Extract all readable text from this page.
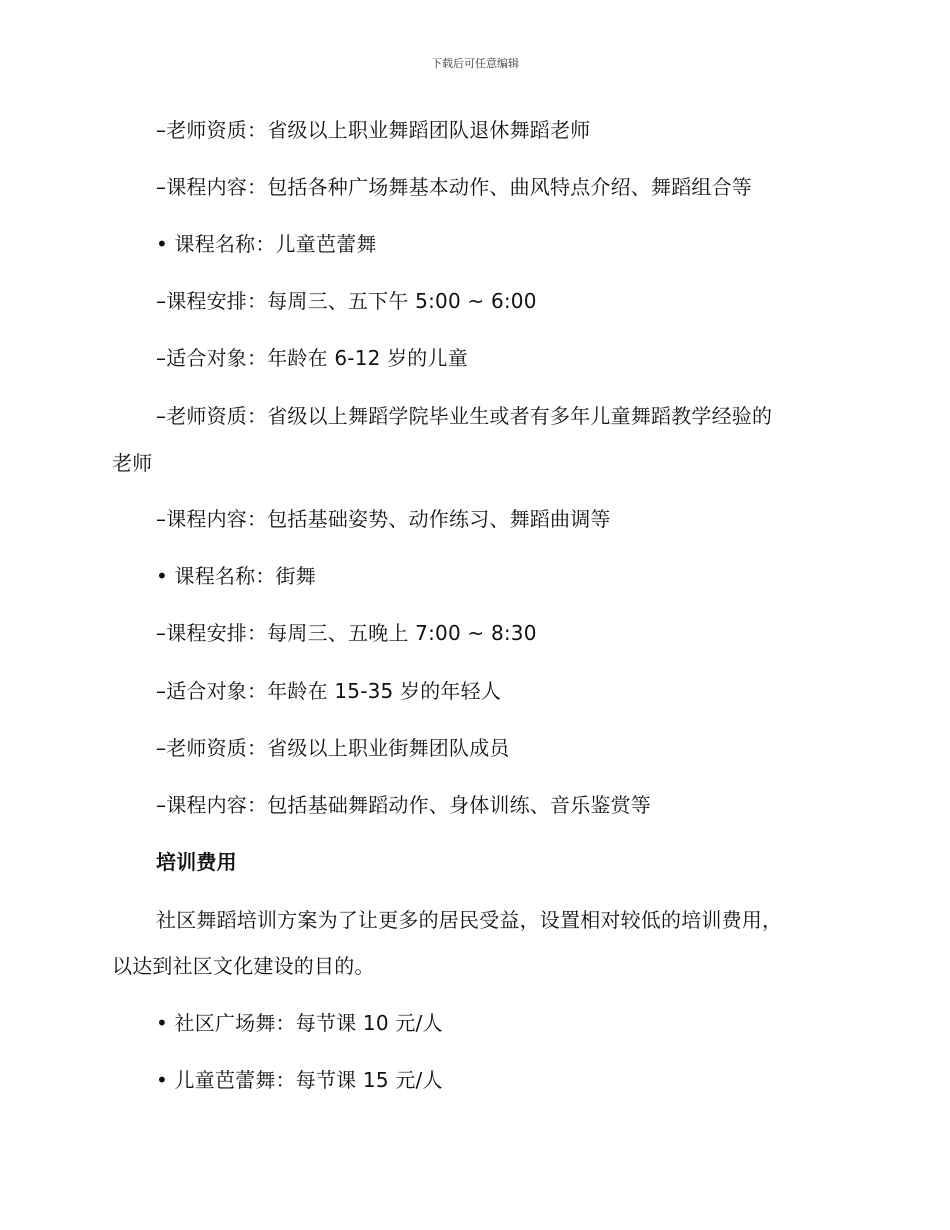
下载后可任意编辑
–老师资质：省级以上职业舞蹈团队退休舞蹈老师
–课程内容：包括各种广场舞基本动作、曲风特点介绍、舞蹈组合等
• 课程名称：儿童芭蕾舞
–课程安排：每周三、五下午 5:00 ~ 6:00
–适合对象：年龄在 6-12 岁的儿童
–老师资质：省级以上舞蹈学院毕业生或者有多年儿童舞蹈教学经验的
老师
–课程内容：包括基础姿势、动作练习、舞蹈曲调等
• 课程名称：街舞
–课程安排：每周三、五晚上 7:00 ~ 8:30
–适合对象：年龄在 15-35 岁的年轻人
–老师资质：省级以上职业街舞团队成员
–课程内容：包括基础舞蹈动作、身体训练、音乐鉴赏等
培训费用
社区舞蹈培训方案为了让更多的居民受益，设置相对较低的培训费用，
以达到社区文化建设的目的。
• 社区广场舞：每节课 10 元/人
• 儿童芭蕾舞：每节课 15 元/人
